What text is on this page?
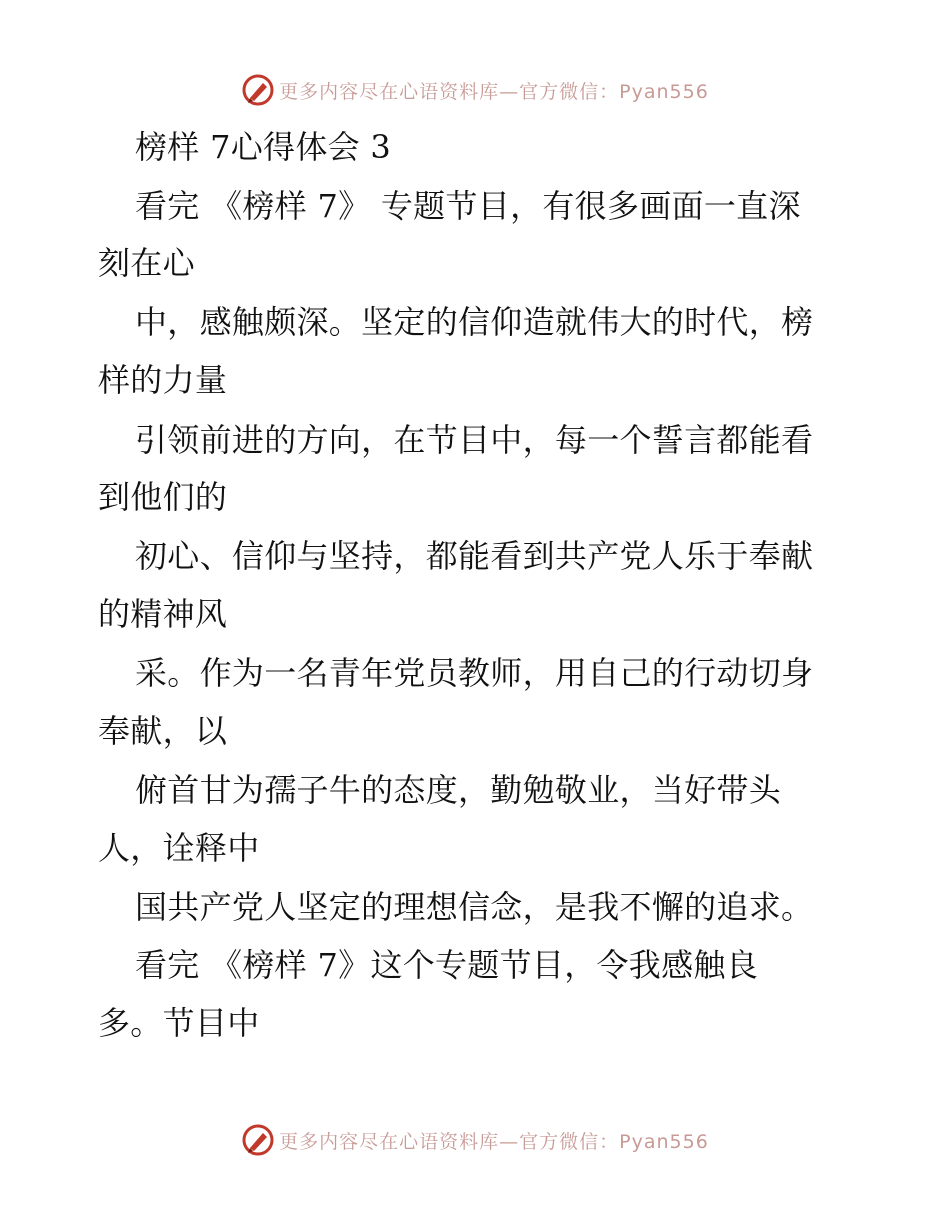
更多内容尽在心语资料库—官方微信：Pyan556
榜样 7心得体会 3
看完 《榜样 7》 专题节目，有很多画面一直深
刻在心
中，感触颇深。坚定的信仰造就伟大的时代，榜
样的力量
引领前进的方向，在节目中，每一个誓言都能看
到他们的
初心、信仰与坚持，都能看到共产党人乐于奉献
的精神风
采。作为一名青年党员教师，用自己的行动切身
奉献，以
俯首甘为孺子牛的态度，勤勉敬业，当好带头
人，诠释中
国共产党人坚定的理想信念，是我不懈的追求。
看完 《榜样 7》这个专题节目，令我感触良
多。节目中
更多内容尽在心语资料库—官方微信：Pyan556
